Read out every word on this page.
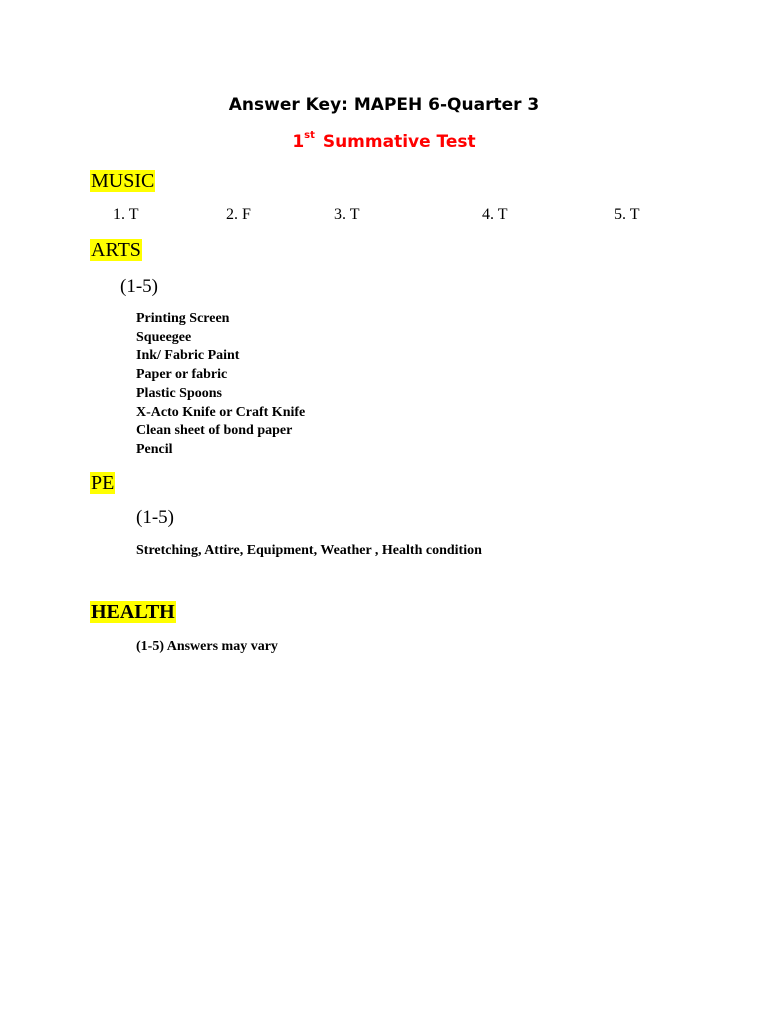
Answer Key: MAPEH 6-Quarter 3
1st Summative Test
MUSIC
1. T	2. F	3. T	4. T	5. T
ARTS
(1-5)
Printing Screen
Squeegee
Ink/ Fabric Paint
Paper or fabric
Plastic Spoons
X-Acto Knife or Craft Knife
Clean sheet of bond paper
Pencil
PE
(1-5)
Stretching, Attire, Equipment, Weather , Health condition
HEALTH
(1-5) Answers may vary
